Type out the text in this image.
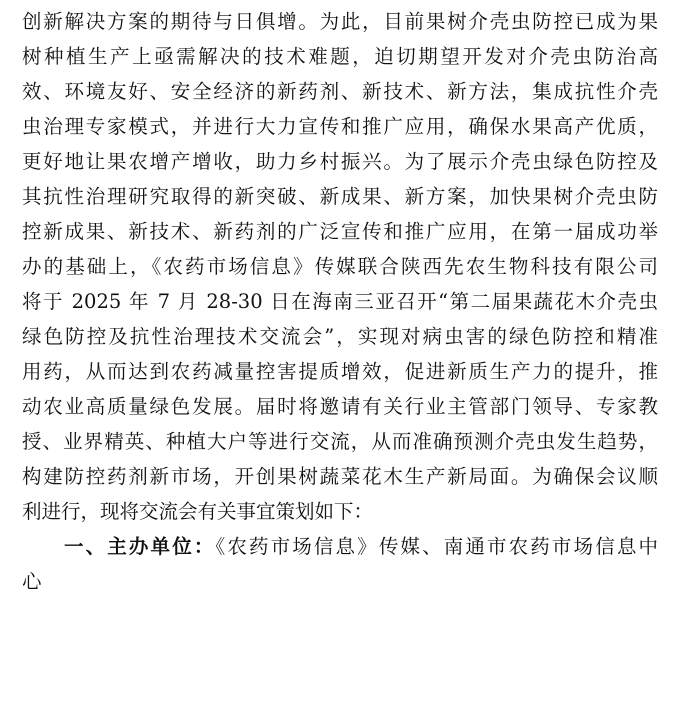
创新解决方案的期待与日俱增。为此，目前果树介壳虫防控已成为果
树种植生产上亟需解决的技术难题，迫切期望开发对介壳虫防治高
效、环境友好、安全经济的新药剂、新技术、新方法，集成抗性介壳
虫治理专家模式，并进行大力宣传和推广应用，确保水果高产优质，
更好地让果农增产增收，助力乡村振兴。为了展示介壳虫绿色防控及
其抗性治理研究取得的新突破、新成果、新方案，加快果树介壳虫防
控新成果、新技术、新药剂的广泛宣传和推广应用，在第一届成功举
办的基础上，《农药市场信息》传媒联合陕西先农生物科技有限公司
将于 2025 年 7 月 28-30 日在海南三亚召开“第二届果蔬花木介壳虫
绿色防控及抗性治理技术交流会”，实现对病虫害的绿色防控和精准
用药，从而达到农药减量控害提质增效，促进新质生产力的提升，推
动农业高质量绿色发展。届时将邀请有关行业主管部门领导、专家教
授、业界精英、种植大户等进行交流，从而准确预测介壳虫发生趋势，
构建防控药剂新市场，开创果树蔬菜花木生产新局面。为确保会议顺
利进行，现将交流会有关事宜策划如下：
一、主办单位：《农药市场信息》传媒、南通市农药市场信息中
心
